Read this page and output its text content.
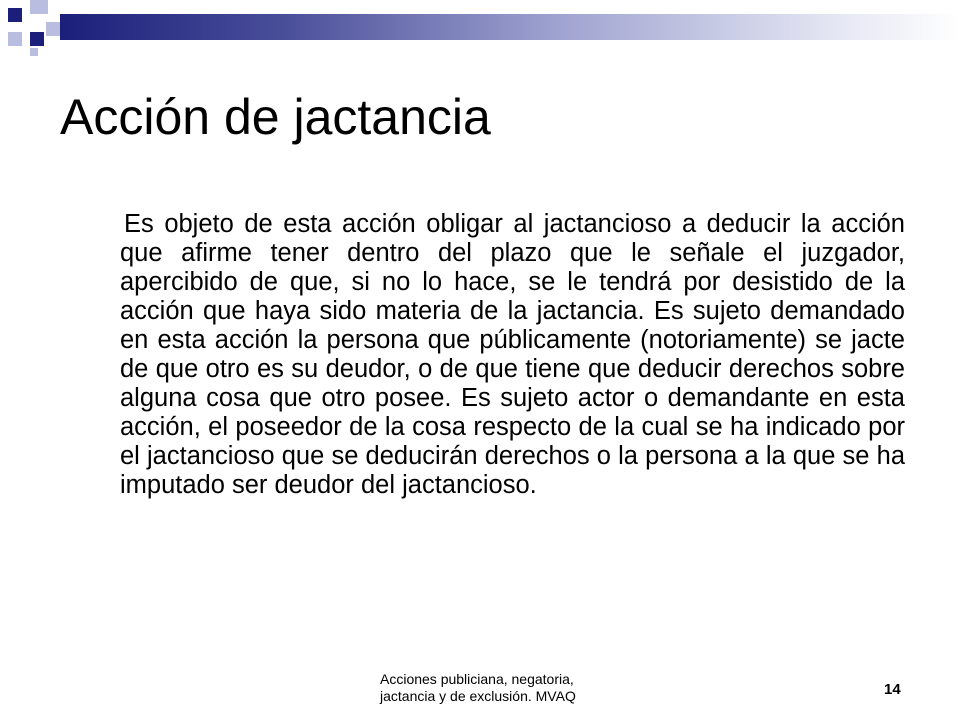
Acción de jactancia

Es objeto de esta acción obligar al jactancioso a deducir la acción que afirme tener dentro del plazo que le señale el juzgador, apercibido de que, si no lo hace, se le tendrá por desistido de la acción que haya sido materia de la jactancia. Es sujeto demandado en esta acción la persona que públicamente (notoriamente) se jacte de que otro es su deudor, o de que tiene que deducir derechos sobre alguna cosa que otro posee. Es sujeto actor o demandante en esta acción, el poseedor de la cosa respecto de la cual se ha indicado por el jactancioso que se deducirán derechos o la persona a la que se ha imputado ser deudor del jactancioso.

Acciones publiciana, negatoria,
jactancia y de exclusión. MVAQ	14
